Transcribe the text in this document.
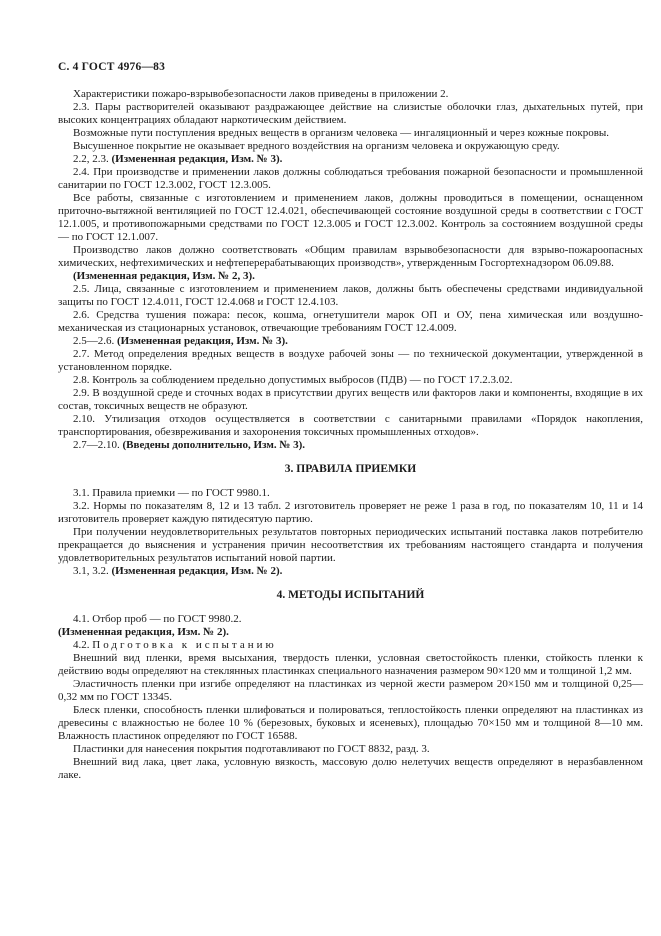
С. 4 ГОСТ 4976—83

Характеристики пожаро-взрывобезопасности лаков приведены в приложении 2.

2.3. Пары растворителей оказывают раздражающее действие на слизистые оболочки глаз, дыхательных путей, при высоких концентрациях обладают наркотическим действием.

Возможные пути поступления вредных веществ в организм человека — ингаляционный и через кожные покровы.

Высушенное покрытие не оказывает вредного воздействия на организм человека и окружающую среду.

2.2, 2.3. (Измененная редакция, Изм. № 3).

2.4. При производстве и применении лаков должны соблюдаться требования пожарной безопасности и промышленной санитарии по ГОСТ 12.3.002, ГОСТ 12.3.005.

Все работы, связанные с изготовлением и применением лаков, должны проводиться в помещении, оснащенном приточно-вытяжной вентиляцией по ГОСТ 12.4.021, обеспечивающей состояние воздушной среды в соответствии с ГОСТ 12.1.005, и противопожарными средствами по ГОСТ 12.3.005 и ГОСТ 12.3.002. Контроль за состоянием воздушной среды — по ГОСТ 12.1.007.

Производство лаков должно соответствовать «Общим правилам взрывобезопасности для взрыво-пожароопасных химических, нефтехимических и нефтеперерабатывающих производств», утвержденным Госгортехнадзором 06.09.88.

(Измененная редакция, Изм. № 2, 3).

2.5. Лица, связанные с изготовлением и применением лаков, должны быть обеспечены средствами индивидуальной защиты по ГОСТ 12.4.011, ГОСТ 12.4.068 и ГОСТ 12.4.103.

2.6. Средства тушения пожара: песок, кошма, огнетушители марок ОП и ОУ, пена химическая или воздушно-механическая из стационарных установок, отвечающие требованиям ГОСТ 12.4.009.

2.5—2.6. (Измененная редакция, Изм. № 3).

2.7. Метод определения вредных веществ в воздухе рабочей зоны — по технической документации, утвержденной в установленном порядке.

2.8. Контроль за соблюдением предельно допустимых выбросов (ПДВ) — по ГОСТ 17.2.3.02.

2.9. В воздушной среде и сточных водах в присутствии других веществ или факторов лаки и компоненты, входящие в их состав, токсичных веществ не образуют.

2.10. Утилизация отходов осуществляется в соответствии с санитарными правилами «Порядок накопления, транспортирования, обезвреживания и захоронения токсичных промышленных отходов».

2.7—2.10. (Введены дополнительно, Изм. № 3).

3. ПРАВИЛА ПРИЕМКИ

3.1. Правила приемки — по ГОСТ 9980.1.

3.2. Нормы по показателям 8, 12 и 13 табл. 2 изготовитель проверяет не реже 1 раза в год, по показателям 10, 11 и 14 изготовитель проверяет каждую пятидесятую партию.

При получении неудовлетворительных результатов повторных периодических испытаний поставка лаков потребителю прекращается до выяснения и устранения причин несоответствия их требованиям настоящего стандарта и получения удовлетворительных результатов испытаний новой партии.

3.1, 3.2. (Измененная редакция, Изм. № 2).

4. МЕТОДЫ ИСПЫТАНИЙ

4.1. Отбор проб — по ГОСТ 9980.2.

(Измененная редакция, Изм. № 2).

4.2. Подготовка к испытанию

Внешний вид пленки, время высыхания, твердость пленки, условная светостойкость пленки, стойкость пленки к действию воды определяют на стеклянных пластинках специального назначения размером 90×120 мм и толщиной 1,2 мм.

Эластичность пленки при изгибе определяют на пластинках из черной жести размером 20×150 мм и толщиной 0,25—0,32 мм по ГОСТ 13345.

Блеск пленки, способность пленки шлифоваться и полироваться, теплостойкость пленки определяют на пластинках из древесины с влажностью не более 10 % (березовых, буковых и ясеневых), площадью 70×150 мм и толщиной 8—10 мм. Влажность пластинок определяют по ГОСТ 16588.

Пластинки для нанесения покрытия подготавливают по ГОСТ 8832, разд. 3.

Внешний вид лака, цвет лака, условную вязкость, массовую долю нелетучих веществ определяют в неразбавленном лаке.
